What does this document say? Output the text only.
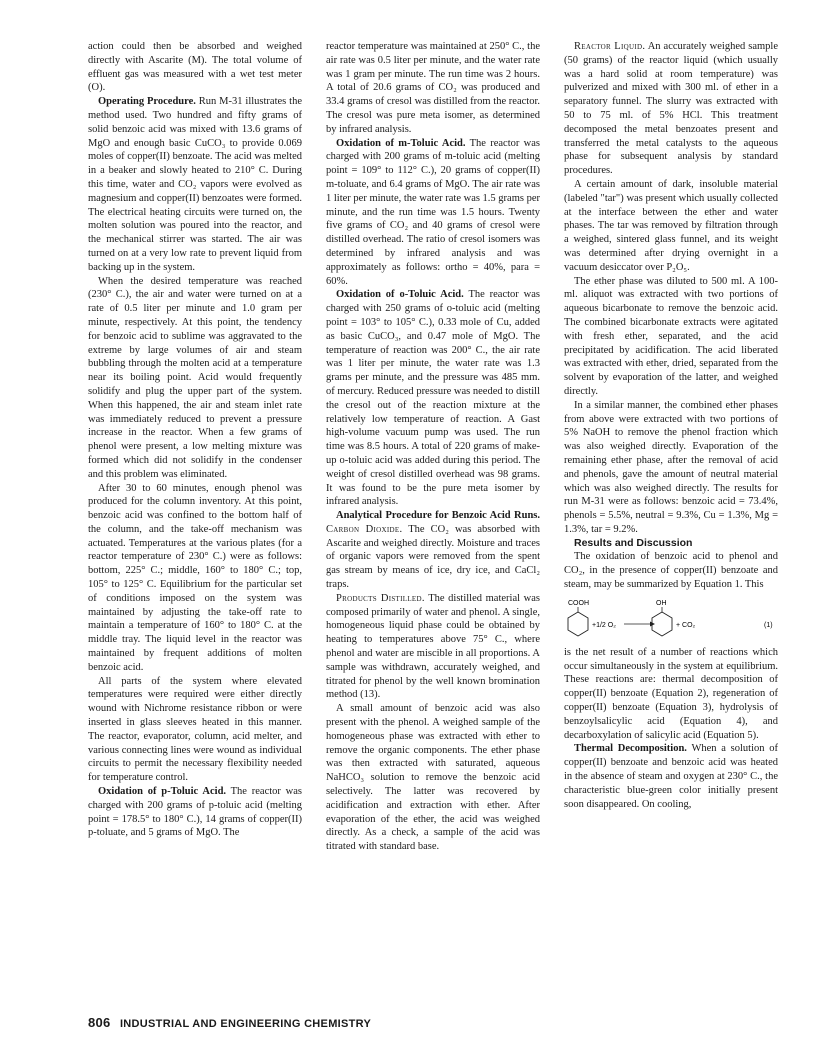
action could then be absorbed and weighed directly with Ascarite (M). The total volume of effluent gas was measured with a wet test meter (O).

Operating Procedure. Run M-31 illustrates the method used. Two hundred and fifty grams of solid benzoic acid was mixed with 13.6 grams of MgO and enough basic CuCO₃ to provide 0.069 moles of copper(II) benzoate. The acid was melted in a beaker and slowly heated to 210° C. During this time, water and CO₂ vapors were evolved as magnesium and copper(II) benzoates were formed. The electrical heating circuits were turned on, the molten solution was poured into the reactor, and the mechanical stirrer was started. The air was turned on at a very low rate to prevent liquid from backing up in the system.

When the desired temperature was reached (230° C.), the air and water were turned on at a rate of 0.5 liter per minute and 1.0 gram per minute, respectively. At this point, the tendency for benzoic acid to sublime was aggravated to the extreme by large volumes of air and steam bubbling through the molten acid at a temperature near its boiling point. Acid would frequently solidify and plug the upper part of the system. When this happened, the air and steam inlet rate was immediately reduced to prevent a pressure increase in the reactor. When a few grams of phenol were present, a low melting mixture was formed which did not solidify in the condenser and this problem was eliminated.

After 30 to 60 minutes, enough phenol was produced for the column inventory. At this point, benzoic acid was confined to the bottom half of the column, and the take-off mechanism was actuated. Temperatures at the various plates (for a reactor temperature of 230° C.) were as follows: bottom, 225° C.; middle, 160° to 180° C.; top, 105° to 125° C. Equilibrium for the particular set of conditions imposed on the system was maintained by adjusting the take-off rate to maintain a temperature of 160° to 180° C. at the middle tray. The liquid level in the reactor was maintained by frequent additions of molten benzoic acid.

All parts of the system where elevated temperatures were required were either directly wound with Nichrome resistance ribbon or were inserted in glass sleeves heated in this manner. The reactor, evaporator, column, acid melter, and various connecting lines were wound as individual circuits to permit the necessary flexibility needed for temperature control.

Oxidation of p-Toluic Acid. The reactor was charged with 200 grams of p-toluic acid (melting point = 178.5° to 180° C.), 14 grams of copper(II) p-toluate, and 5 grams of MgO. The

reactor temperature was maintained at 250° C., the air rate was 0.5 liter per minute, and the water rate was 1 gram per minute. The run time was 2 hours. A total of 20.6 grams of CO₂ was produced and 33.4 grams of cresol was distilled from the reactor. The cresol was pure meta isomer, as determined by infrared analysis.

Oxidation of m-Toluic Acid. The reactor was charged with 200 grams of m-toluic acid (melting point = 109° to 112° C.), 20 grams of copper(II) m-toluate, and 6.4 grams of MgO. The air rate was 1 liter per minute, the water rate was 1.5 grams per minute, and the run time was 1.5 hours. Twenty five grams of CO₂ and 40 grams of cresol were distilled overhead. The ratio of cresol isomers was determined by infrared analysis and was approximately as follows: ortho = 40%, para = 60%.

Oxidation of o-Toluic Acid. The reactor was charged with 250 grams of o-toluic acid (melting point = 103° to 105° C.), 0.33 mole of Cu, added as basic CuCO₃, and 0.47 mole of MgO. The temperature of reaction was 200° C., the air rate was 1 liter per minute, the water rate was 1.3 grams per minute, and the pressure was 485 mm. of mercury. Reduced pressure was needed to distill the cresol out of the reaction mixture at the relatively low temperature of reaction. A Gast high-volume vacuum pump was used. The run time was 8.5 hours. A total of 220 grams of make-up o-toluic acid was added during this period. The weight of cresol distilled overhead was 98 grams. It was found to be the pure meta isomer by infrared analysis.

Analytical Procedure for Benzoic Acid Runs. Carbon Dioxide. The CO₂ was absorbed with Ascarite and weighed directly. Moisture and traces of organic vapors were removed from the spent gas stream by means of ice, dry ice, and CaCl₂ traps.

Products Distilled. The distilled material was composed primarily of water and phenol. A single, homogeneous liquid phase could be obtained by heating to temperatures above 75° C., where phenol and water are miscible in all proportions. A sample was withdrawn, accurately weighed, and titrated for phenol by the well known bromination method (13).

A small amount of benzoic acid was also present with the phenol. A weighed sample of the homogeneous phase was extracted with ether to remove the organic components. The ether phase was then extracted with saturated, aqueous NaHCO₃ solution to remove the benzoic acid selectively. The latter was recovered by acidification and extraction with ether. After evaporation of the ether, the acid was weighed directly. As a check, a sample of the acid was titrated with standard base.

Reactor Liquid. An accurately weighed sample (50 grams) of the reactor liquid (which usually was a hard solid at room temperature) was pulverized and mixed with 300 ml. of ether in a separatory funnel. The slurry was extracted with 50 to 75 ml. of 5% HCl. This treatment decomposed the metal benzoates present and transferred the metal catalysts to the aqueous phase for subsequent analysis by standard procedures.

A certain amount of dark, insoluble material (labeled "tar") was present which usually collected at the interface between the ether and water phases. The tar was removed by filtration through a weighed, sintered glass funnel, and its weight was determined after drying overnight in a vacuum desiccator over P₂O₅.

The ether phase was diluted to 500 ml. A 100-ml. aliquot was extracted with two portions of aqueous bicarbonate to remove the benzoic acid. The combined bicarbonate extracts were agitated with fresh ether, separated, and the acid precipitated by acidification. The acid liberated was extracted with ether, dried, separated from the solvent by evaporation of the latter, and weighed directly.

In a similar manner, the combined ether phases from above were extracted with two portions of 5% NaOH to remove the phenol fraction which was also weighed directly. Evaporation of the remaining ether phase, after the removal of acid and phenols, gave the amount of neutral material which was also weighed directly. The results for run M-31 were as follows: benzoic acid = 73.4%, phenols = 5.5%, neutral = 9.3%, Cu = 1.3%, Mg = 1.3%, tar = 9.2%.

Results and Discussion

The oxidation of benzoic acid to phenol and CO₂, in the presence of copper(II) benzoate and steam, may be summarized by Equation 1. This

COOH
+1/2 O₂
OH
+ CO₂	(1)

is the net result of a number of reactions which occur simultaneously in the system at equilibrium. These reactions are: thermal decomposition of copper(II) benzoate (Equation 2), regeneration of copper(II) benzoate (Equation 3), hydrolysis of benzoylsalicylic acid (Equation 4), and decarboxylation of salicylic acid (Equation 5).

Thermal Decomposition. When a solution of copper(II) benzoate and benzoic acid was heated in the absence of steam and oxygen at 230° C., the characteristic blue-green color initially present soon disappeared. On cooling,

806 INDUSTRIAL AND ENGINEERING CHEMISTRY
